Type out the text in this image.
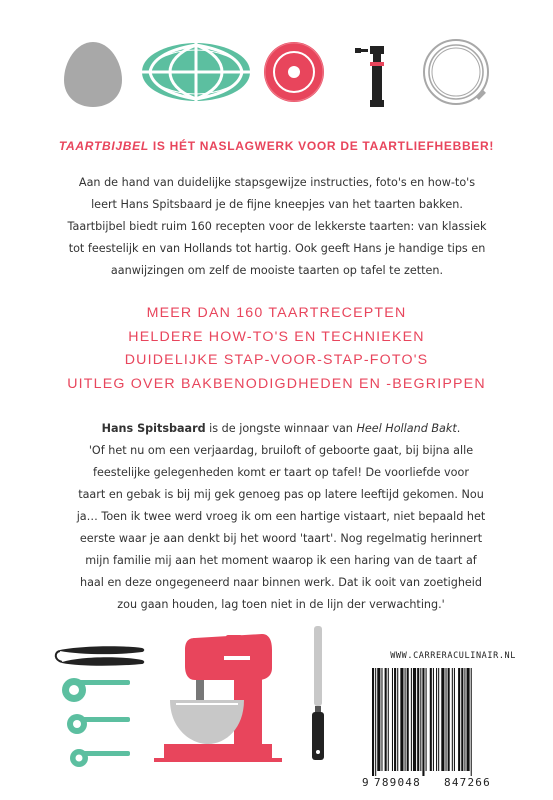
TAARTBIJBEL IS HÉT NASLAGWERK VOOR DE TAARTLIEFHEBBER!
Aan de hand van duidelijke stapsgewijze instructies, foto's en how-to's
leert Hans Spitsbaard je de fijne kneepjes van het taarten bakken.
Taartbijbel biedt ruim 160 recepten voor de lekkerste taarten: van klassiek
tot feestelijk en van Hollands tot hartig. Ook geeft Hans je handige tips en
aanwijzingen om zelf de mooiste taarten op tafel te zetten.
MEER DAN 160 TAARTRECEPTEN
HELDERE HOW-TO'S EN TECHNIEKEN
DUIDELIJKE STAP-VOOR-STAP-FOTO'S
UITLEG OVER BAKBENODIGDHEDEN EN -BEGRIPPEN
Hans Spitsbaard is de jongste winnaar van Heel Holland Bakt.
'Of het nu om een verjaardag, bruiloft of geboorte gaat, bij bijna alle
feestelijke gelegenheden komt er taart op tafel! De voorliefde voor
taart en gebak is bij mij gek genoeg pas op latere leeftijd gekomen. Nou
ja… Toen ik twee werd vroeg ik om een hartige vistaart, niet bepaald het
eerste waar je aan denkt bij het woord 'taart'. Nog regelmatig herinnert
mijn familie mij aan het moment waarop ik een haring van de taart af
haal en deze ongegeneerd naar binnen werk. Dat ik ooit van zoetigheid
zou gaan houden, lag toen niet in de lijn der verwachting.'
WWW.CARRERACULINAIR.NL
9 789048 847266
